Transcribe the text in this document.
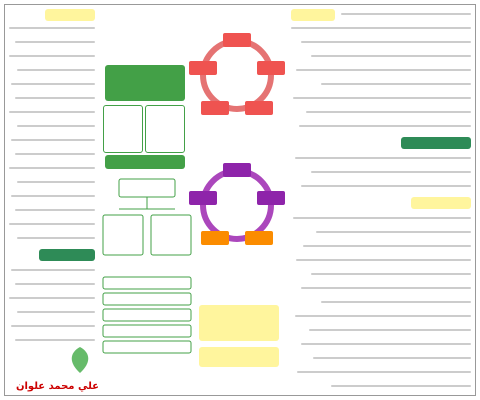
علي محمد علوان
